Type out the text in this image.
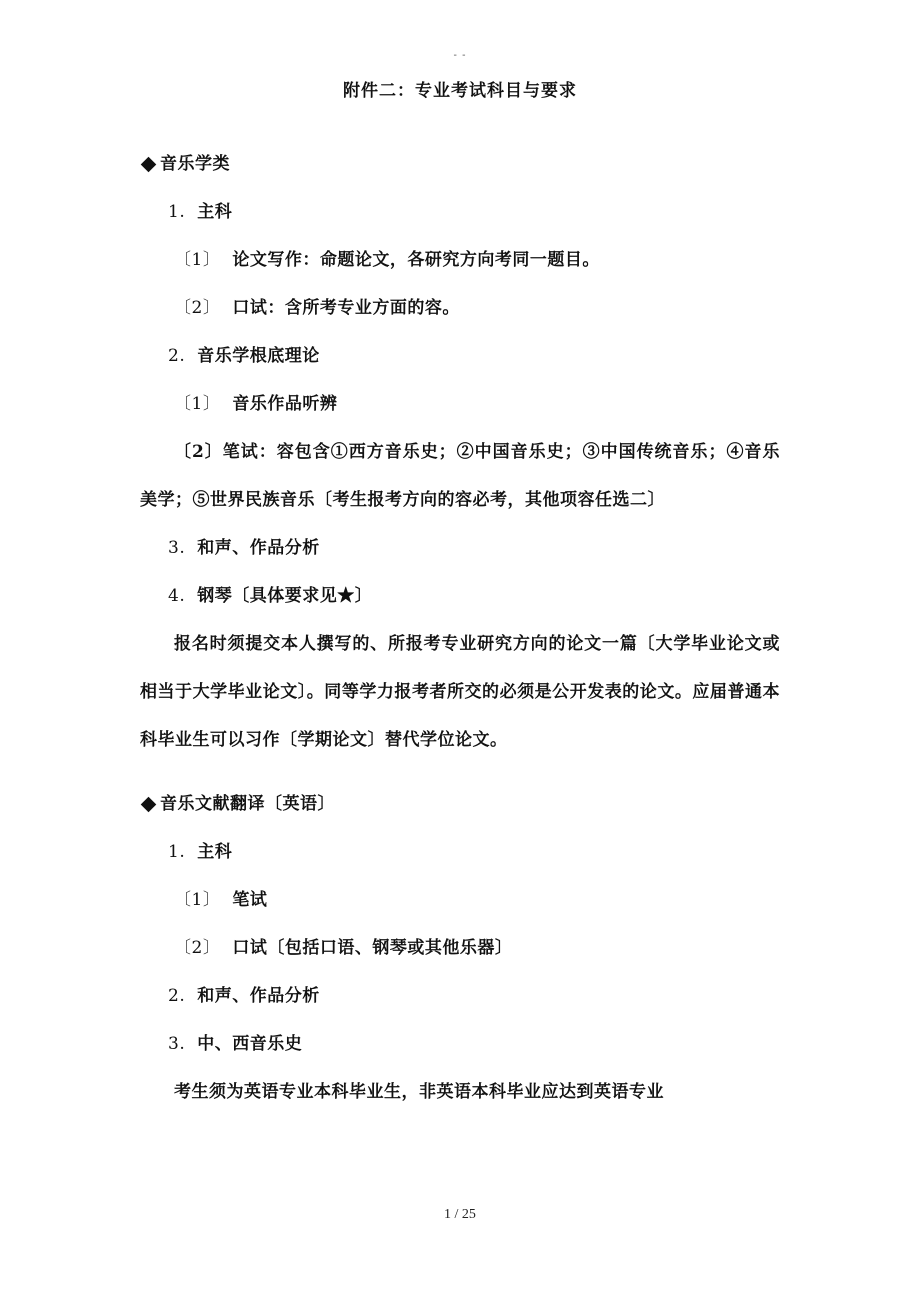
- -
附件二：专业考试科目与要求
音乐学类
1. 主科
〔1〕 论文写作：命题论文，各研究方向考同一题目。
〔2〕 口试：含所考专业方面的容。
2. 音乐学根底理论
〔1〕 音乐作品听辨
〔2〕笔试：容包含①西方音乐史；②中国音乐史；③中国传统音乐；④音乐美学；⑤世界民族音乐〔考生报考方向的容必考，其他项容任选二〕
3. 和声、作品分析
4. 钢琴〔具体要求见★〕
报名时须提交本人撰写的、所报考专业研究方向的论文一篇〔大学毕业论文或相当于大学毕业论文〕。同等学力报考者所交的必须是公开发表的论文。应届普通本科毕业生可以习作〔学期论文〕替代学位论文。
音乐文献翻译〔英语〕
1. 主科
〔1〕 笔试
〔2〕 口试〔包括口语、钢琴或其他乐器〕
2. 和声、作品分析
3. 中、西音乐史
考生须为英语专业本科毕业生，非英语本科毕业应达到英语专业
1 / 25
